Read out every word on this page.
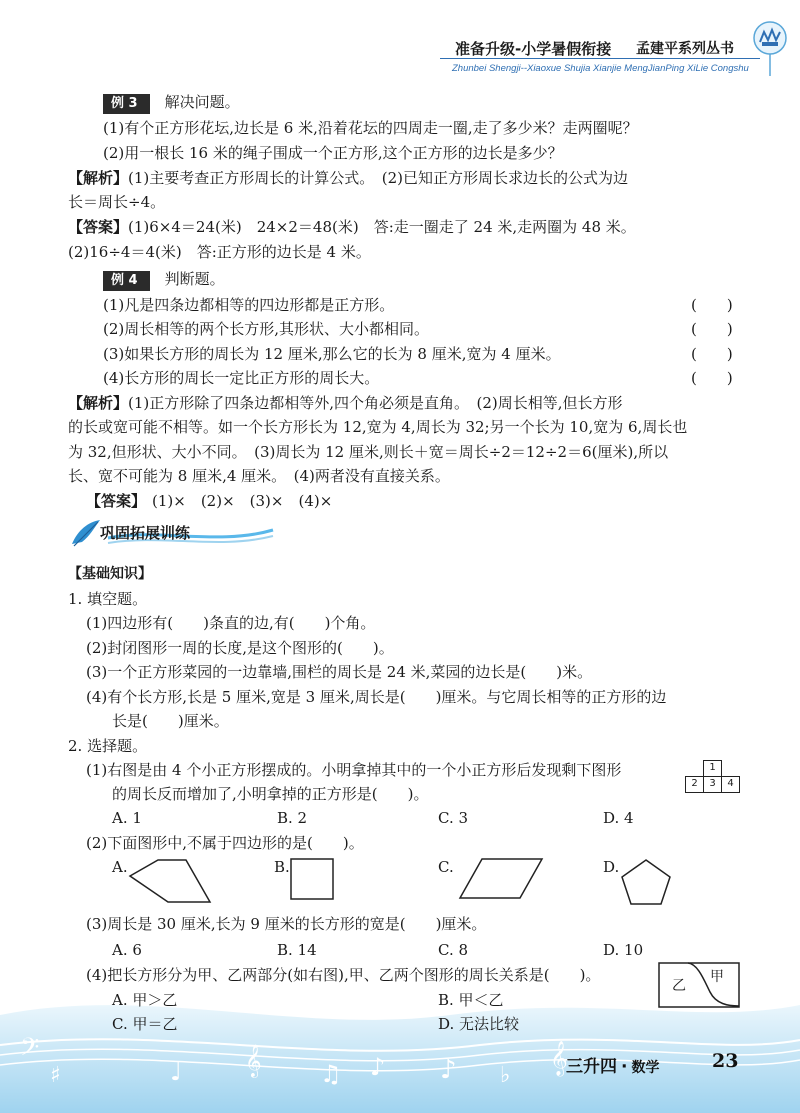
准备升级-小学暑假衔接 孟建平系列丛书
Zhunbei Shengji--Xiaoxue Shujia Xianjie MengJianPing XiLie Congshu
例 3 解决问题。
(1)有个正方形花坛,边长是 6 米,沿着花坛的四周走一圈,走了多少米？走两圈呢？
(2)用一根长 16 米的绳子围成一个正方形,这个正方形的边长是多少？
【解析】(1)主要考查正方形周长的计算公式。　(2)已知正方形周长求边长的公式为边
长＝周长÷4。
【答案】(1)6×4＝24(米)　24×2＝48(米)　答:走一圈走了 24 米,走两圈为 48 米。
(2)16÷4＝4(米)　答:正方形的边长是 4 米。
例 4 判断题。
(1)凡是四条边都相等的四边形都是正方形。	(　　)
(2)周长相等的两个长方形,其形状、大小都相同。	(　　)
(3)如果长方形的周长为 12 厘米,那么它的长为 8 厘米,宽为 4 厘米。	(　　)
(4)长方形的周长一定比正方形的周长大。	(　　)
【解析】(1)正方形除了四条边都相等外,四个角必须是直角。　(2)周长相等,但长方形
的长或宽可能不相等。如一个长方形长为 12,宽为 4,周长为 32;另一个长为 10,宽为 6,周长也
为 32,但形状、大小不同。　(3)周长为 12 厘米,则长＋宽＝周长÷2＝12÷2＝6(厘米),所以
长、宽不可能为 8 厘米,4 厘米。　(4)两者没有直接关系。
【答案】 (1)×　(2)×　(3)×　(4)×
巩固拓展训练
【基础知识】
1. 填空题。
(1)四边形有(　　)条直的边,有(　　)个角。
(2)封闭图形一周的长度,是这个图形的(　　)。
(3)一个正方形菜园的一边靠墙,围栏的周长是 24 米,菜园的边长是(　　)米。
(4)有个长方形,长是 5 厘米,宽是 3 厘米,周长是(　　)厘米。与它周长相等的正方形的边
长是(　　)厘米。
2. 选择题。
(1)右图是由 4 个小正方形摆成的。小明拿掉其中的一个小正方形后发现剩下图形
的周长反而增加了,小明拿掉的正方形是(　　)。
A. 1	B. 2	C. 3	D. 4
1
2	3	4
(2)下面图形中,不属于四边形的是(　　)。
A.	B.	C.	D.
(3)周长是 30 厘米,长为 9 厘米的长方形的宽是(　　)厘米。
A. 6	B. 14	C. 8	D. 10
(4)把长方形分为甲、乙两部分(如右图),甲、乙两个图形的周长关系是(　　)。
A. 甲＞乙	B. 甲＜乙
C. 甲＝乙	D. 无法比较
乙
甲
𝄢
♯	♩ 𝄞 ♫ ♪ ♪ ♭ 𝄞
三升四 · 数学	23
